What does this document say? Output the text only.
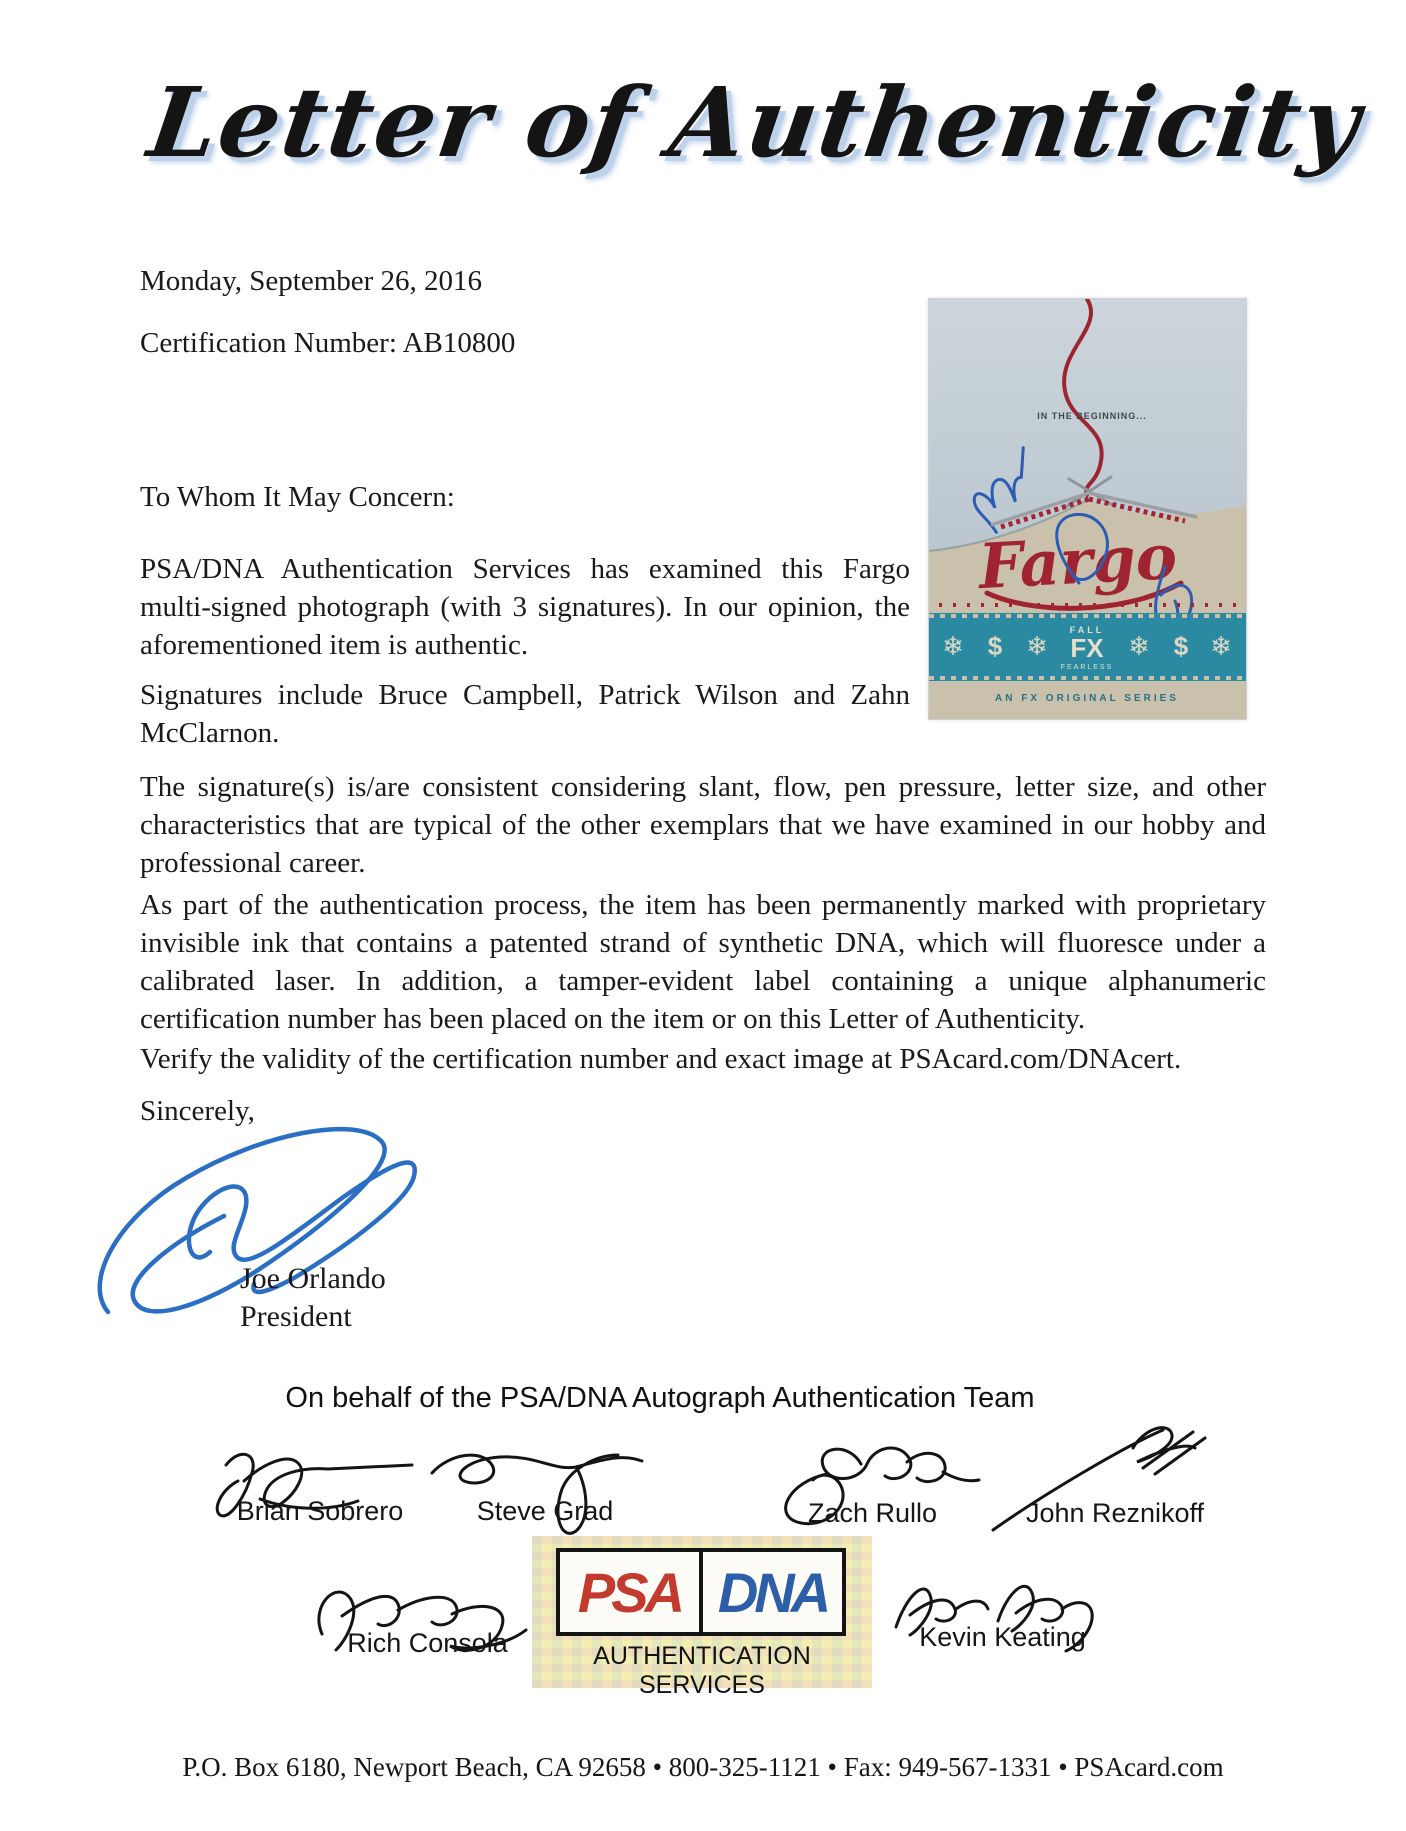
Letter of Authenticity
Monday, September 26, 2016
Certification Number: AB10800
IN THE BEGINNING...
Fargo
❄ $ ❄	❄ $ ❄
FALL
FX
FEARLESS
AN FX ORIGINAL SERIES
To Whom It May Concern:

PSA/DNA Authentication Services has examined this Fargo multi-signed photograph (with 3 signatures). In our opinion, the aforementioned item is authentic.

Signatures include Bruce Campbell, Patrick Wilson and Zahn McClarnon.

The signature(s) is/are consistent considering slant, flow, pen pressure, letter size, and other characteristics that are typical of the other exemplars that we have examined in our hobby and professional career.

As part of the authentication process, the item has been permanently marked with proprietary invisible ink that contains a patented strand of synthetic DNA, which will fluoresce under a calibrated laser. In addition, a tamper-evident label containing a unique alphanumeric certification number has been placed on the item or on this Letter of Authenticity.

Verify the validity of the certification number and exact image at PSAcard.com/DNAcert.

Sincerely,
Joe Orlando
President
On behalf of the PSA/DNA Autograph Authentication Team
Brian Sobrero	Steve Grad	Zach Rullo	John Reznikoff
Rich Consola	Kevin Keating
PSA DNA
AUTHENTICATION SERVICES
P.O. Box 6180, Newport Beach, CA 92658 • 800-325-1121 • Fax: 949-567-1331 • PSAcard.com
